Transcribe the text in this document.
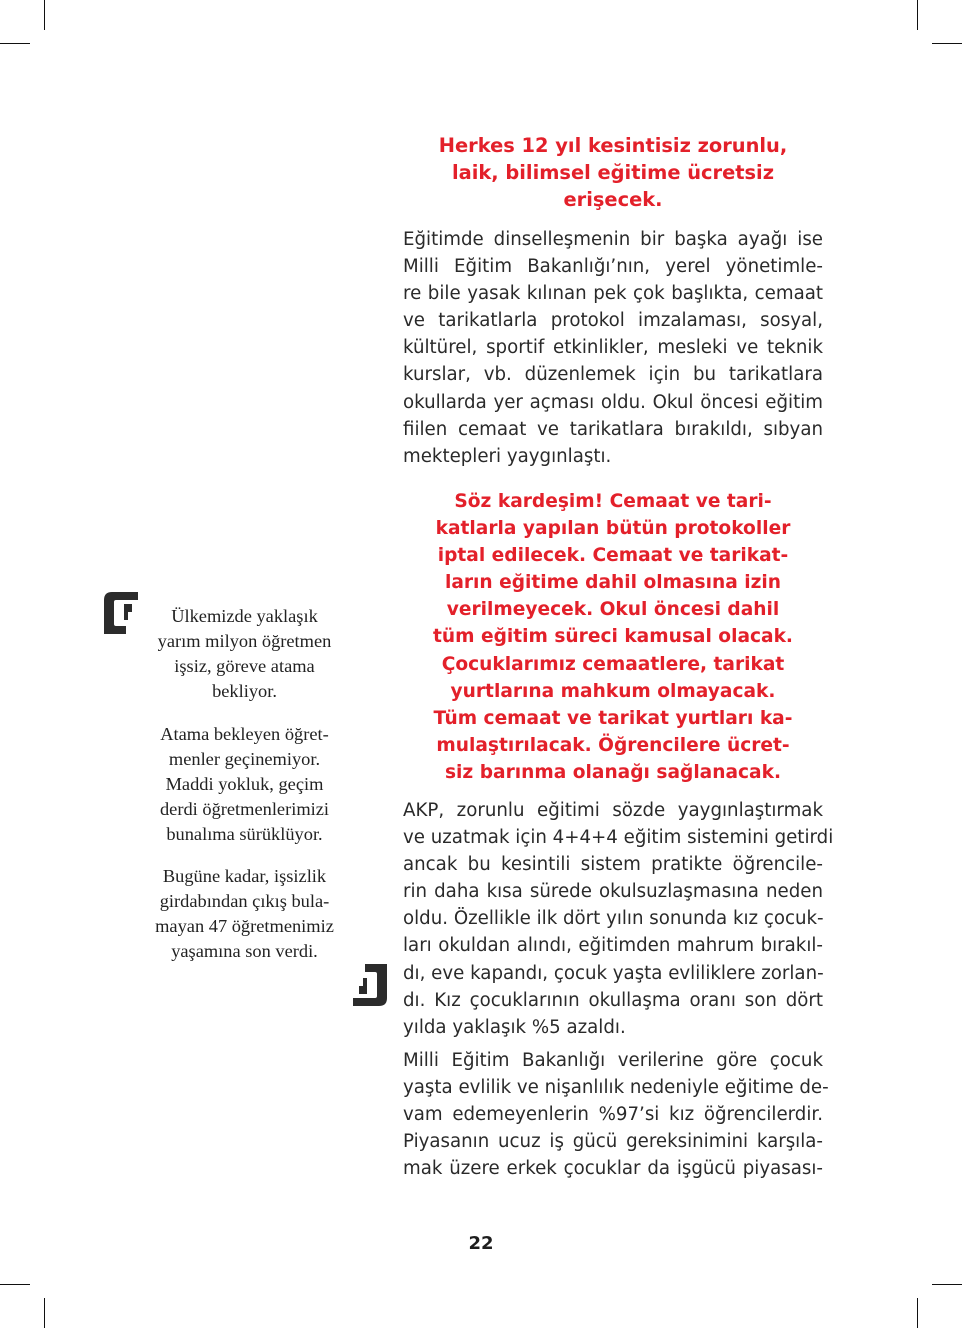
Herkes 12 yıl kesintisiz zorunlu,
laik, bilimsel eğitime ücretsiz
erişecek.
Eğitimde dinselleşmenin bir başka ayağı ise
Milli Eğitim Bakanlığı’nın, yerel yönetimle-
re bile yasak kılınan pek çok başlıkta, cemaat
ve tarikatlarla protokol imzalaması, sosyal,
kültürel, sportif etkinlikler, mesleki ve teknik
kurslar, vb. düzenlemek için bu tarikatlara
okullarda yer açması oldu. Okul öncesi eğitim
fiilen cemaat ve tarikatlara bırakıldı, sıbyan
mektepleri yaygınlaştı.
Söz kardeşim! Cemaat ve tari-
katlarla yapılan bütün protokoller
iptal edilecek. Cemaat ve tarikat-
ların eğitime dahil olmasına izin
verilmeyecek. Okul öncesi dahil
tüm eğitim süreci kamusal olacak.
Çocuklarımız cemaatlere, tarikat
yurtlarına mahkum olmayacak.
Tüm cemaat ve tarikat yurtları ka-
mulaştırılacak. Öğrencilere ücret-
siz barınma olanağı sağlanacak.
AKP, zorunlu eğitimi sözde yaygınlaştırmak
ve uzatmak için 4+4+4 eğitim sistemini getirdi
ancak bu kesintili sistem pratikte öğrencile-
rin daha kısa sürede okulsuzlaşmasına neden
oldu. Özellikle ilk dört yılın sonunda kız çocuk-
ları okuldan alındı, eğitimden mahrum bırakıl-
dı, eve kapandı, çocuk yaşta evliliklere zorlan-
dı. Kız çocuklarının okullaşma oranı son dört
yılda yaklaşık %5 azaldı.
Milli Eğitim Bakanlığı verilerine göre çocuk
yaşta evlilik ve nişanlılık nedeniyle eğitime de-
vam edemeyenlerin %97’si kız öğrencilerdir.
Piyasanın ucuz iş gücü gereksinimini karşıla-
mak üzere erkek çocuklar da işgücü piyasası-
Ülkemizde yaklaşık
yarım milyon öğretmen
işsiz, göreve atama
bekliyor.
Atama bekleyen öğret-
menler geçinemiyor.
Maddi yokluk, geçim
derdi öğretmenlerimizi
bunalıma sürüklüyor.
Bugüne kadar, işsizlik
girdabından çıkış bula-
mayan 47 öğretmenimiz
yaşamına son verdi.
22
